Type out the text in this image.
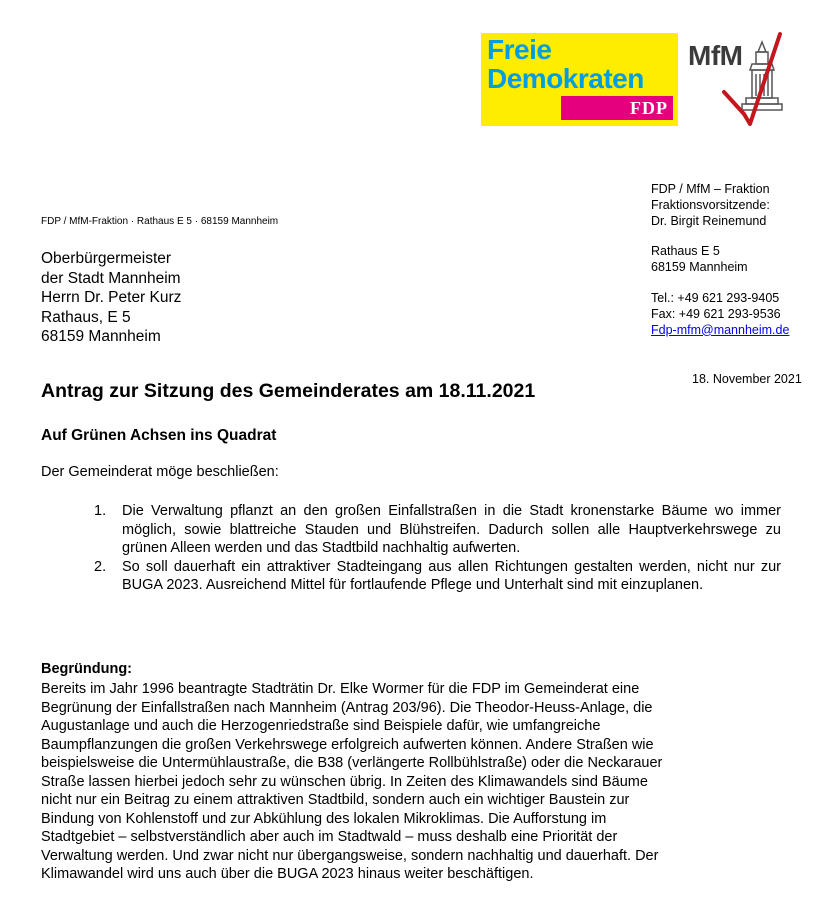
Freie
Demokraten
FDP
MfM
FDP / MfM-Fraktion · Rathaus E 5 · 68159 Mannheim
Oberbürgermeister
der Stadt Mannheim
Herrn Dr. Peter Kurz
Rathaus, E 5
68159 Mannheim
FDP / MfM – Fraktion
Fraktionsvorsitzende:
Dr. Birgit Reinemund
Rathaus E 5
68159 Mannheim
Tel.: +49 621 293-9405
Fax: +49 621 293-9536
Fdp-mfm@mannheim.de
18. November 2021
Antrag zur Sitzung des Gemeinderates am 18.11.2021
Auf Grünen Achsen ins Quadrat
Der Gemeinderat möge beschließen:
1. Die Verwaltung pflanzt an den großen Einfallstraßen in die Stadt kronenstarke Bäume wo immer möglich, sowie blattreiche Stauden und Blühstreifen. Dadurch sollen alle Hauptverkehrswege zu grünen Alleen werden und das Stadtbild nachhaltig aufwerten.
2. So soll dauerhaft ein attraktiver Stadteingang aus allen Richtungen gestalten werden, nicht nur zur BUGA 2023. Ausreichend Mittel für fortlaufende Pflege und Unterhalt sind mit einzuplanen.
Begründung:
Bereits im Jahr 1996 beantragte Stadträtin Dr. Elke Wormer für die FDP im Gemeinderat eine
Begrünung der Einfallstraßen nach Mannheim (Antrag 203/96). Die Theodor-Heuss-Anlage, die
Augustanlage und auch die Herzogenriedstraße sind Beispiele dafür, wie umfangreiche
Baumpflanzungen die großen Verkehrswege erfolgreich aufwerten können. Andere Straßen wie
beispielsweise die Untermühlaustraße, die B38 (verlängerte Rollbühlstraße) oder die Neckarauer
Straße lassen hierbei jedoch sehr zu wünschen übrig. In Zeiten des Klimawandels sind Bäume
nicht nur ein Beitrag zu einem attraktiven Stadtbild, sondern auch ein wichtiger Baustein zur
Bindung von Kohlenstoff und zur Abkühlung des lokalen Mikroklimas. Die Aufforstung im
Stadtgebiet – selbstverständlich aber auch im Stadtwald – muss deshalb eine Priorität der
Verwaltung werden. Und zwar nicht nur übergangsweise, sondern nachhaltig und dauerhaft. Der
Klimawandel wird uns auch über die BUGA 2023 hinaus weiter beschäftigen.
